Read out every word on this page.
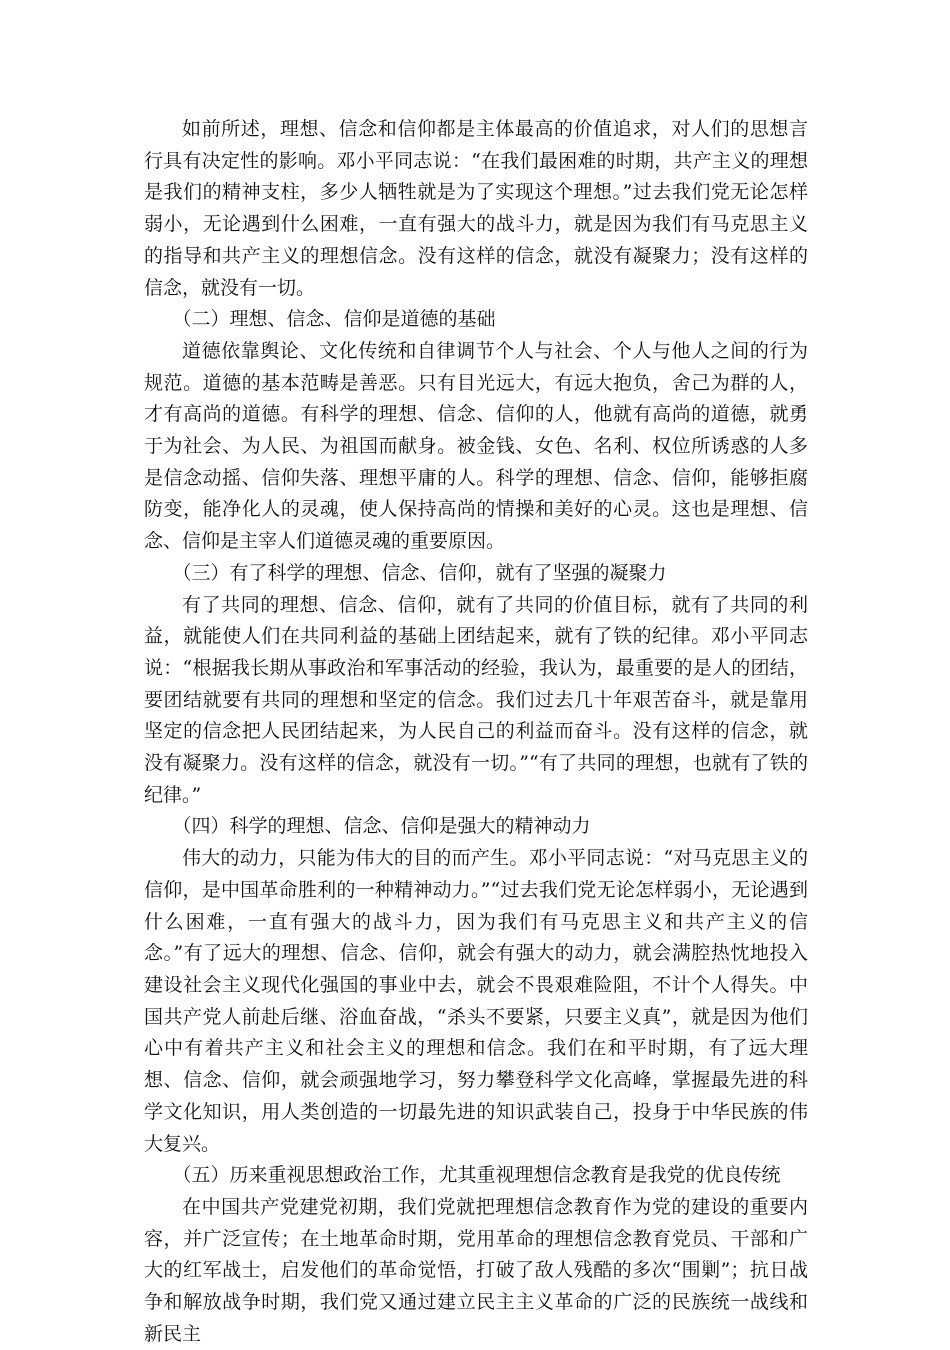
如前所述，理想、信念和信仰都是主体最高的价值追求，对人们的思想言行具有决定性的影响。邓小平同志说：“在我们最困难的时期，共产主义的理想是我们的精神支柱，多少人牺牲就是为了实现这个理想。”过去我们党无论怎样弱小，无论遇到什么困难，一直有强大的战斗力，就是因为我们有马克思主义的指导和共产主义的理想信念。没有这样的信念，就没有凝聚力；没有这样的信念，就没有一切。

（二）理想、信念、信仰是道德的基础

道德依靠舆论、文化传统和自律调节个人与社会、个人与他人之间的行为规范。道德的基本范畴是善恶。只有目光远大，有远大抱负，舍己为群的人，才有高尚的道德。有科学的理想、信念、信仰的人，他就有高尚的道德，就勇于为社会、为人民、为祖国而献身。被金钱、女色、名利、权位所诱惑的人多是信念动摇、信仰失落、理想平庸的人。科学的理想、信念、信仰，能够拒腐防变，能净化人的灵魂，使人保持高尚的情操和美好的心灵。这也是理想、信念、信仰是主宰人们道德灵魂的重要原因。

（三）有了科学的理想、信念、信仰，就有了坚强的凝聚力

有了共同的理想、信念、信仰，就有了共同的价值目标，就有了共同的利益，就能使人们在共同利益的基础上团结起来，就有了铁的纪律。邓小平同志说：“根据我长期从事政治和军事活动的经验，我认为，最重要的是人的团结，要团结就要有共同的理想和坚定的信念。我们过去几十年艰苦奋斗，就是靠用坚定的信念把人民团结起来，为人民自己的利益而奋斗。没有这样的信念，就没有凝聚力。没有这样的信念，就没有一切。”“有了共同的理想，也就有了铁的纪律。”

（四）科学的理想、信念、信仰是强大的精神动力

伟大的动力，只能为伟大的目的而产生。邓小平同志说：“对马克思主义的信仰，是中国革命胜利的一种精神动力。”“过去我们党无论怎样弱小，无论遇到什么困难，一直有强大的战斗力，因为我们有马克思主义和共产主义的信念。”有了远大的理想、信念、信仰，就会有强大的动力，就会满腔热忱地投入建设社会主义现代化强国的事业中去，就会不畏艰难险阻，不计个人得失。中国共产党人前赴后继、浴血奋战，“杀头不要紧，只要主义真”，就是因为他们心中有着共产主义和社会主义的理想和信念。我们在和平时期，有了远大理想、信念、信仰，就会顽强地学习，努力攀登科学文化高峰，掌握最先进的科学文化知识，用人类创造的一切最先进的知识武装自己，投身于中华民族的伟大复兴。

（五）历来重视思想政治工作，尤其重视理想信念教育是我党的优良传统

在中国共产党建党初期，我们党就把理想信念教育作为党的建设的重要内容，并广泛宣传；在土地革命时期，党用革命的理想信念教育党员、干部和广大的红军战士，启发他们的革命觉悟，打破了敌人残酷的多次“围剿”；抗日战争和解放战争时期，我们党又通过建立民主主义革命的广泛的民族统一战线和新民主
